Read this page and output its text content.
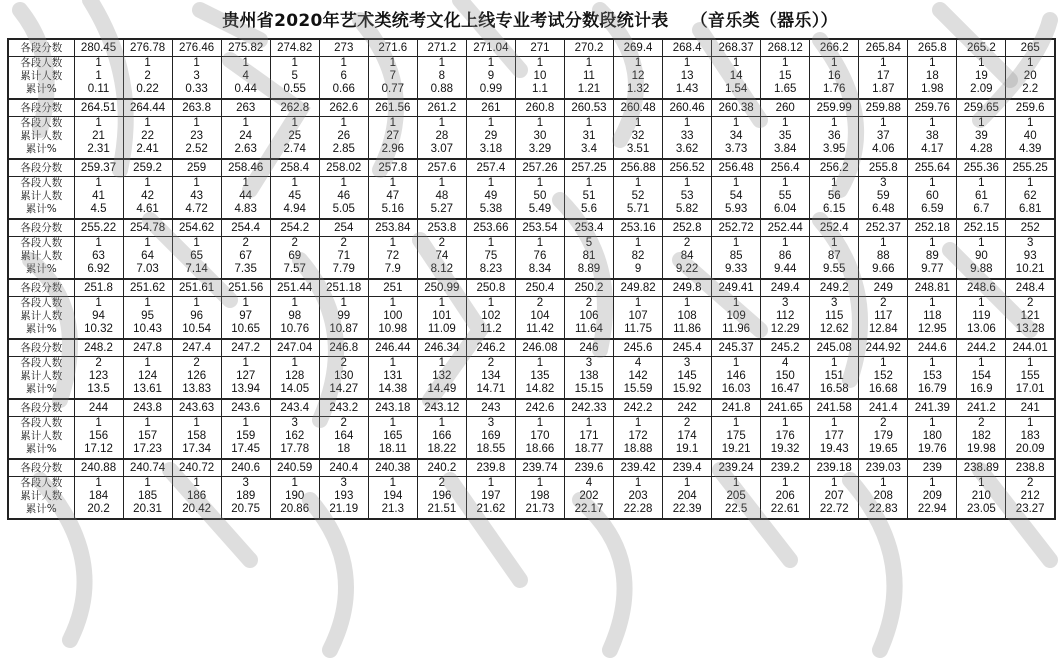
贵州省2020年艺术类统考文化上线专业考试分数段统计表 （音乐类（器乐））
各段分数	280.45	276.78	276.46	275.82	274.82	273	271.6	271.2	271.04	271	270.2	269.4	268.4	268.37	268.12	266.2	265.84	265.8	265.2	265
各段人数	1	1	1	1	1	1	1	1	1	1	1	1	1	1	1	1	1	1	1	1
累计人数	1	2	3	4	5	6	7	8	9	10	11	12	13	14	15	16	17	18	19	20
累计%	0.11	0.22	0.33	0.44	0.55	0.66	0.77	0.88	0.99	1.1	1.21	1.32	1.43	1.54	1.65	1.76	1.87	1.98	2.09	2.2
各段分数	264.51	264.44	263.8	263	262.8	262.6	261.56	261.2	261	260.8	260.53	260.48	260.46	260.38	260	259.99	259.88	259.76	259.65	259.6
各段人数	1	1	1	1	1	1	1	1	1	1	1	1	1	1	1	1	1	1	1	1
累计人数	21	22	23	24	25	26	27	28	29	30	31	32	33	34	35	36	37	38	39	40
累计%	2.31	2.41	2.52	2.63	2.74	2.85	2.96	3.07	3.18	3.29	3.4	3.51	3.62	3.73	3.84	3.95	4.06	4.17	4.28	4.39
各段分数	259.37	259.2	259	258.46	258.4	258.02	257.8	257.6	257.4	257.26	257.25	256.88	256.52	256.48	256.4	256.2	255.8	255.64	255.36	255.25
各段人数	1	1	1	1	1	1	1	1	1	1	1	1	1	1	1	1	3	1	1	1
累计人数	41	42	43	44	45	46	47	48	49	50	51	52	53	54	55	56	59	60	61	62
累计%	4.5	4.61	4.72	4.83	4.94	5.05	5.16	5.27	5.38	5.49	5.6	5.71	5.82	5.93	6.04	6.15	6.48	6.59	6.7	6.81
各段分数	255.22	254.78	254.62	254.4	254.2	254	253.84	253.8	253.66	253.54	253.4	253.16	252.8	252.72	252.44	252.4	252.37	252.18	252.15	252
各段人数	1	1	1	2	2	2	1	2	1	1	5	1	2	1	1	1	1	1	1	3
累计人数	63	64	65	67	69	71	72	74	75	76	81	82	84	85	86	87	88	89	90	93
累计%	6.92	7.03	7.14	7.35	7.57	7.79	7.9	8.12	8.23	8.34	8.89	9	9.22	9.33	9.44	9.55	9.66	9.77	9.88	10.21
各段分数	251.8	251.62	251.61	251.56	251.44	251.18	251	250.99	250.8	250.4	250.2	249.82	249.8	249.41	249.4	249.2	249	248.81	248.6	248.4
各段人数	1	1	1	1	1	1	1	1	1	2	2	1	1	1	3	3	2	1	1	2
累计人数	94	95	96	97	98	99	100	101	102	104	106	107	108	109	112	115	117	118	119	121
累计%	10.32	10.43	10.54	10.65	10.76	10.87	10.98	11.09	11.2	11.42	11.64	11.75	11.86	11.96	12.29	12.62	12.84	12.95	13.06	13.28
各段分数	248.2	247.8	247.4	247.2	247.04	246.8	246.44	246.34	246.2	246.08	246	245.6	245.4	245.37	245.2	245.08	244.92	244.6	244.2	244.01
各段人数	2	1	2	1	1	2	1	1	2	1	3	4	3	1	4	1	1	1	1	1
累计人数	123	124	126	127	128	130	131	132	134	135	138	142	145	146	150	151	152	153	154	155
累计%	13.5	13.61	13.83	13.94	14.05	14.27	14.38	14.49	14.71	14.82	15.15	15.59	15.92	16.03	16.47	16.58	16.68	16.79	16.9	17.01
各段分数	244	243.8	243.63	243.6	243.4	243.2	243.18	243.12	243	242.6	242.33	242.2	242	241.8	241.65	241.58	241.4	241.39	241.2	241
各段人数	1	1	1	1	3	2	1	1	3	1	1	1	2	1	1	1	2	1	2	1
累计人数	156	157	158	159	162	164	165	166	169	170	171	172	174	175	176	177	179	180	182	183
累计%	17.12	17.23	17.34	17.45	17.78	18	18.11	18.22	18.55	18.66	18.77	18.88	19.1	19.21	19.32	19.43	19.65	19.76	19.98	20.09
各段分数	240.88	240.74	240.72	240.6	240.59	240.4	240.38	240.2	239.8	239.74	239.6	239.42	239.4	239.24	239.2	239.18	239.03	239	238.89	238.8
各段人数	1	1	1	3	1	3	1	2	1	1	4	1	1	1	1	1	1	1	1	2
累计人数	184	185	186	189	190	193	194	196	197	198	202	203	204	205	206	207	208	209	210	212
累计%	20.2	20.31	20.42	20.75	20.86	21.19	21.3	21.51	21.62	21.73	22.17	22.28	22.39	22.5	22.61	22.72	22.83	22.94	23.05	23.27
